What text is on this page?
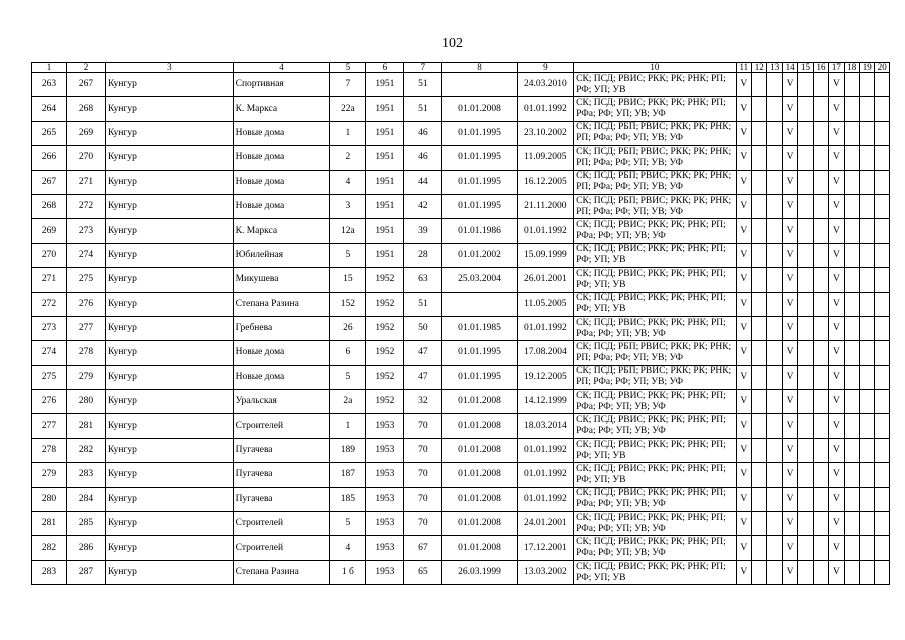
102
1	2	3	4	5	6	7	8	9	10	11	12	13	14	15	16	17	18	19	20
263	267	Кунгур	Спортивная	7	1951	51		24.03.2010	СК; ПСД; РВИС; РКК; РК; РНК; РП; РФ; УП; УВ	V			V			V			
264	268	Кунгур	К. Маркса	22а	1951	51	01.01.2008	01.01.1992	СК; ПСД; РВИС; РКК; РК; РНК; РП; РФа; РФ; УП; УВ; УФ	V			V			V			
265	269	Кунгур	Новые дома	1	1951	46	01.01.1995	23.10.2002	СК; ПСД; РБП; РВИС; РКК; РК; РНК; РП; РФа; РФ; УП; УВ; УФ	V			V			V			
266	270	Кунгур	Новые дома	2	1951	46	01.01.1995	11.09.2005	СК; ПСД; РБП; РВИС; РКК; РК; РНК; РП; РФа; РФ; УП; УВ; УФ	V			V			V			
267	271	Кунгур	Новые дома	4	1951	44	01.01.1995	16.12.2005	СК; ПСД; РБП; РВИС; РКК; РК; РНК; РП; РФа; РФ; УП; УВ; УФ	V			V			V			
268	272	Кунгур	Новые дома	3	1951	42	01.01.1995	21.11.2000	СК; ПСД; РБП; РВИС; РКК; РК; РНК; РП; РФа; РФ; УП; УВ; УФ	V			V			V			
269	273	Кунгур	К. Маркса	12а	1951	39	01.01.1986	01.01.1992	СК; ПСД; РВИС; РКК; РК; РНК; РП; РФа; РФ; УП; УВ; УФ	V			V			V			
270	274	Кунгур	Юбилейная	5	1951	28	01.01.2002	15.09.1999	СК; ПСД; РВИС; РКК; РК; РНК; РП; РФ; УП; УВ	V			V			V			
271	275	Кунгур	Микушева	15	1952	63	25.03.2004	26.01.2001	СК; ПСД; РВИС; РКК; РК; РНК; РП; РФ; УП; УВ	V			V			V			
272	276	Кунгур	Степана Разина	152	1952	51		11.05.2005	СК; ПСД; РВИС; РКК; РК; РНК; РП; РФ; УП; УВ	V			V			V			
273	277	Кунгур	Гребнева	26	1952	50	01.01.1985	01.01.1992	СК; ПСД; РВИС; РКК; РК; РНК; РП; РФа; РФ; УП; УВ; УФ	V			V			V			
274	278	Кунгур	Новые дома	6	1952	47	01.01.1995	17.08.2004	СК; ПСД; РБП; РВИС; РКК; РК; РНК; РП; РФа; РФ; УП; УВ; УФ	V			V			V			
275	279	Кунгур	Новые дома	5	1952	47	01.01.1995	19.12.2005	СК; ПСД; РБП; РВИС; РКК; РК; РНК; РП; РФа; РФ; УП; УВ; УФ	V			V			V			
276	280	Кунгур	Уральская	2а	1952	32	01.01.2008	14.12.1999	СК; ПСД; РВИС; РКК; РК; РНК; РП; РФа; РФ; УП; УВ; УФ	V			V			V			
277	281	Кунгур	Строителей	1	1953	70	01.01.2008	18.03.2014	СК; ПСД; РВИС; РКК; РК; РНК; РП; РФа; РФ; УП; УВ; УФ	V			V			V			
278	282	Кунгур	Пугачева	189	1953	70	01.01.2008	01.01.1992	СК; ПСД; РВИС; РКК; РК; РНК; РП; РФ; УП; УВ	V			V			V			
279	283	Кунгур	Пугачева	187	1953	70	01.01.2008	01.01.1992	СК; ПСД; РВИС; РКК; РК; РНК; РП; РФ; УП; УВ	V			V			V			
280	284	Кунгур	Пугачева	185	1953	70	01.01.2008	01.01.1992	СК; ПСД; РВИС; РКК; РК; РНК; РП; РФа; РФ; УП; УВ; УФ	V			V			V			
281	285	Кунгур	Строителей	5	1953	70	01.01.2008	24.01.2001	СК; ПСД; РВИС; РКК; РК; РНК; РП; РФа; РФ; УП; УВ; УФ	V			V			V			
282	286	Кунгур	Строителей	4	1953	67	01.01.2008	17.12.2001	СК; ПСД; РВИС; РКК; РК; РНК; РП; РФа; РФ; УП; УВ; УФ	V			V			V			
283	287	Кунгур	Степана Разина	1 б	1953	65	26.03.1999	13.03.2002	СК; ПСД; РВИС; РКК; РК; РНК; РП; РФ; УП; УВ	V			V			V			
